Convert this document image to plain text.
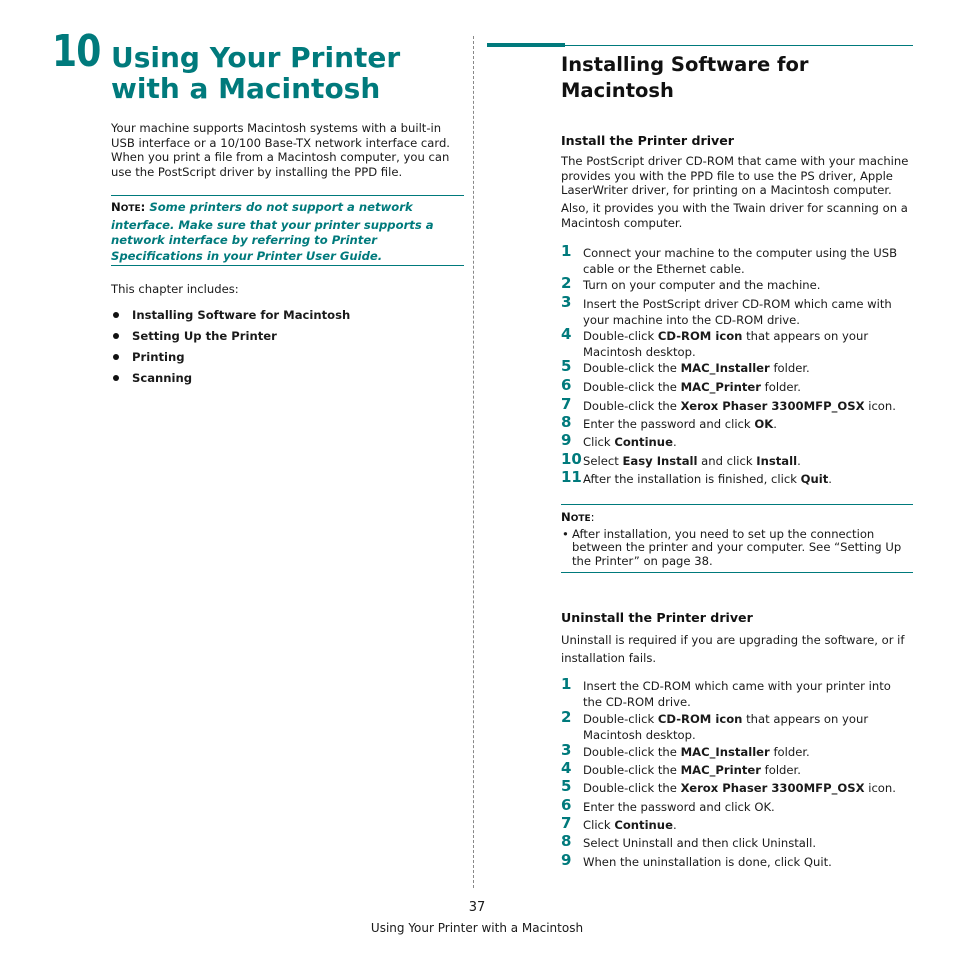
10 Using Your Printer with a Macintosh

Your machine supports Macintosh systems with a built-in USB interface or a 10/100 Base-TX network interface card. When you print a file from a Macintosh computer, you can use the PostScript driver by installing the PPD file.

NOTE: Some printers do not support a network interface. Make sure that your printer supports a network interface by referring to Printer Specifications in your Printer User Guide.

This chapter includes:

Installing Software for Macintosh
Setting Up the Printer
Printing
Scanning
Installing Software for Macintosh
Install the Printer driver

The PostScript driver CD-ROM that came with your machine provides you with the PPD file to use the PS driver, Apple LaserWriter driver, for printing on a Macintosh computer.

Also, it provides you with the Twain driver for scanning on a Macintosh computer.

1 Connect your machine to the computer using the USB cable or the Ethernet cable.
2 Turn on your computer and the machine.
3 Insert the PostScript driver CD-ROM which came with your machine into the CD-ROM drive.
4 Double-click CD-ROM icon that appears on your Macintosh desktop.
5 Double-click the MAC_Installer folder.
6 Double-click the MAC_Printer folder.
7 Double-click the Xerox Phaser 3300MFP_OSX icon.
8 Enter the password and click OK.
9 Click Continue.
10 Select Easy Install and click Install.
11 After the installation is finished, click Quit.
NOTE:
• After installation, you need to set up the connection between the printer and your computer. See “Setting Up the Printer” on page 38.
Uninstall the Printer driver

Uninstall is required if you are upgrading the software, or if installation fails.

1 Insert the CD-ROM which came with your printer into the CD-ROM drive.
2 Double-click CD-ROM icon that appears on your Macintosh desktop.
3 Double-click the MAC_Installer folder.
4 Double-click the MAC_Printer folder.
5 Double-click the Xerox Phaser 3300MFP_OSX icon.
6 Enter the password and click OK.
7 Click Continue.
8 Select Uninstall and then click Uninstall.
9 When the uninstallation is done, click Quit.
37
Using Your Printer with a Macintosh
